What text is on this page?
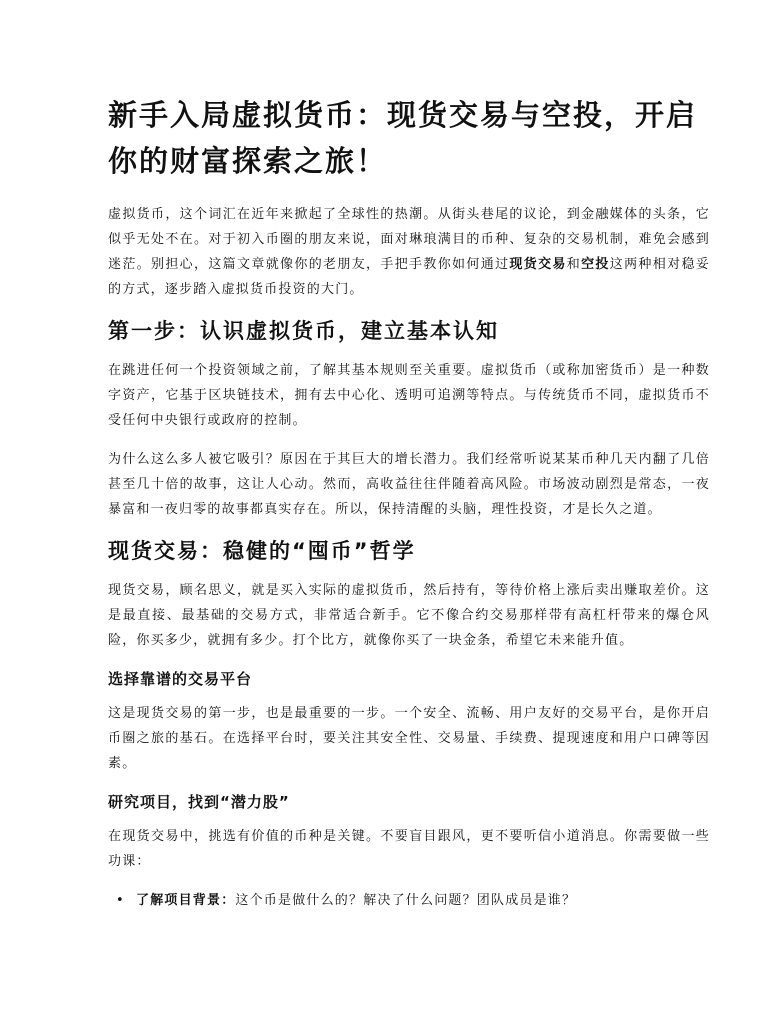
新手入局虚拟货币：现货交易与空投，开启你的财富探索之旅！

虚拟货币，这个词汇在近年来掀起了全球性的热潮。从街头巷尾的议论，到金融媒体的头条，它似乎无处不在。对于初入币圈的朋友来说，面对琳琅满目的币种、复杂的交易机制，难免会感到迷茫。别担心，这篇文章就像你的老朋友，手把手教你如何通过现货交易和空投这两种相对稳妥的方式，逐步踏入虚拟货币投资的大门。

第一步：认识虚拟货币，建立基本认知

在跳进任何一个投资领域之前，了解其基本规则至关重要。虚拟货币（或称加密货币）是一种数字资产，它基于区块链技术，拥有去中心化、透明可追溯等特点。与传统货币不同，虚拟货币不受任何中央银行或政府的控制。

为什么这么多人被它吸引？原因在于其巨大的增长潜力。我们经常听说某某币种几天内翻了几倍甚至几十倍的故事，这让人心动。然而，高收益往往伴随着高风险。市场波动剧烈是常态，一夜暴富和一夜归零的故事都真实存在。所以，保持清醒的头脑，理性投资，才是长久之道。

现货交易：稳健的“囤币”哲学

现货交易，顾名思义，就是买入实际的虚拟货币，然后持有，等待价格上涨后卖出赚取差价。这是最直接、最基础的交易方式，非常适合新手。它不像合约交易那样带有高杠杆带来的爆仓风险，你买多少，就拥有多少。打个比方，就像你买了一块金条，希望它未来能升值。

选择靠谱的交易平台

这是现货交易的第一步，也是最重要的一步。一个安全、流畅、用户友好的交易平台，是你开启币圈之旅的基石。在选择平台时，要关注其安全性、交易量、手续费、提现速度和用户口碑等因素。

研究项目，找到“潜力股”

在现货交易中，挑选有价值的币种是关键。不要盲目跟风，更不要听信小道消息。你需要做一些功课：

• 了解项目背景：这个币是做什么的？解决了什么问题？团队成员是谁？
